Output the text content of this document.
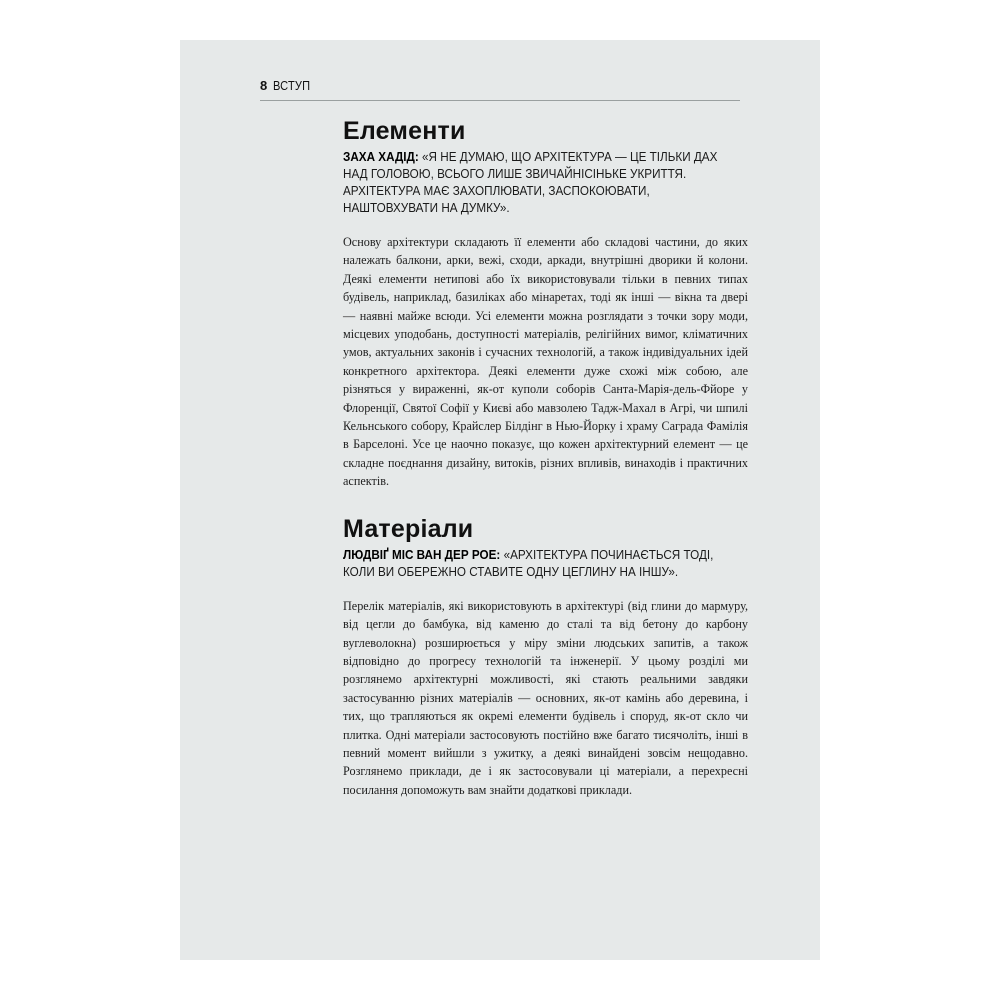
8 ВСТУП
Елементи

ЗАХА ХАДІД: «Я НЕ ДУМАЮ, ЩО АРХІТЕКТУРА — ЦЕ ТІЛЬКИ ДАХ НАД ГОЛОВОЮ, ВСЬОГО ЛИШЕ ЗВИЧАЙНІСІНЬКЕ УКРИТТЯ. АРХІТЕКТУРА МАЄ ЗАХОПЛЮВАТИ, ЗАСПОКОЮВАТИ, НАШТОВХУВАТИ НА ДУМКУ».

Основу архітектури складають її елементи або складові частини, до яких належать балкони, арки, вежі, сходи, аркади, внутрішні дворики й колони. Деякі елементи нетипові або їх використовували тільки в певних типах будівель, наприклад, базиліках або мінаретах, тоді як інші — вікна та двері — наявні майже всюди. Усі елементи можна розглядати з точки зору моди, місцевих уподобань, доступності матеріалів, релігійних вимог, кліматичних умов, актуальних законів і сучасних технологій, а також індивідуальних ідей конкретного архітектора. Деякі елементи дуже схожі між собою, але різняться у вираженні, як-от куполи соборів Санта-Марія-дель-Фйоре у Флоренції, Святої Софії у Києві або мавзолею Тадж-Махал в Агрі, чи шпилі Кельнського собору, Крайслер Білдінг в Нью-Йорку і храму Саграда Фамілія в Барселоні. Усе це наочно показує, що кожен архітектурний елемент — це складне поєднання дизайну, витоків, різних впливів, винаходів і практичних аспектів.

Матеріали

ЛЮДВІҐ МІС ВАН ДЕР РОЕ: «АРХІТЕКТУРА ПОЧИНАЄТЬСЯ ТОДІ, КОЛИ ВИ ОБЕРЕЖНО СТАВИТЕ ОДНУ ЦЕГЛИНУ НА ІНШУ».

Перелік матеріалів, які використовують в архітектурі (від глини до мармуру, від цегли до бамбука, від каменю до сталі та від бетону до карбону вуглеволокна) розширюється у міру зміни людських запитів, а також відповідно до прогресу технологій та інженерії. У цьому розділі ми розглянемо архітектурні можливості, які стають реальними завдяки застосуванню різних матеріалів — основних, як-от камінь або деревина, і тих, що трапляються як окремі елементи будівель і споруд, як-от скло чи плитка. Одні матеріали застосовують постійно вже багато тисячоліть, інші в певний момент вийшли з ужитку, а деякі винайдені зовсім нещодавно. Розглянемо приклади, де і як застосовували ці матеріали, а перехресні посилання допоможуть вам знайти додаткові приклади.
